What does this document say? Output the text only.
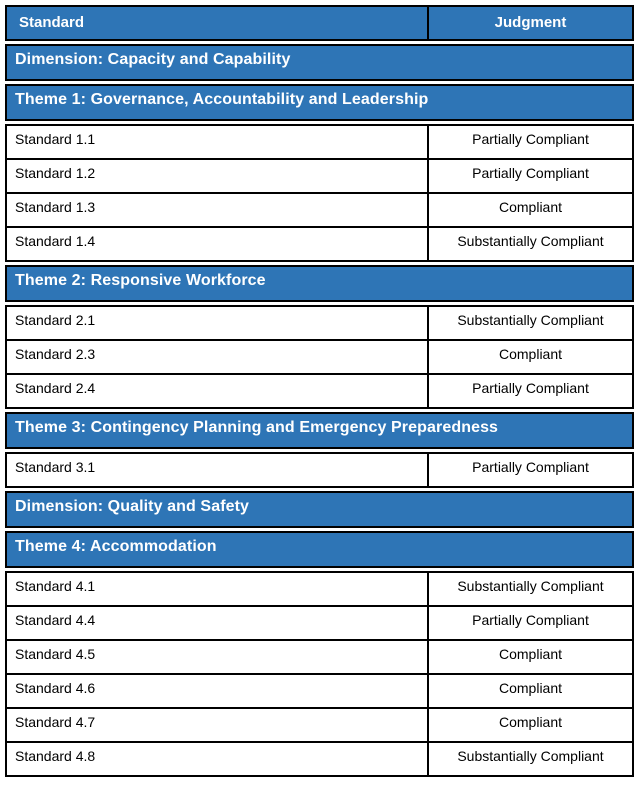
Standard	Judgment
Dimension: Capacity and Capability
Theme 1: Governance, Accountability and Leadership
Standard 1.1	Partially Compliant
Standard 1.2	Partially Compliant
Standard 1.3	Compliant
Standard 1.4	Substantially Compliant
Theme 2: Responsive Workforce
Standard 2.1	Substantially Compliant
Standard 2.3	Compliant
Standard 2.4	Partially Compliant
Theme 3: Contingency Planning and Emergency Preparedness
Standard 3.1	Partially Compliant
Dimension: Quality and Safety
Theme 4: Accommodation
Standard 4.1	Substantially Compliant
Standard 4.4	Partially Compliant
Standard 4.5	Compliant
Standard 4.6	Compliant
Standard 4.7	Compliant
Standard 4.8	Substantially Compliant
